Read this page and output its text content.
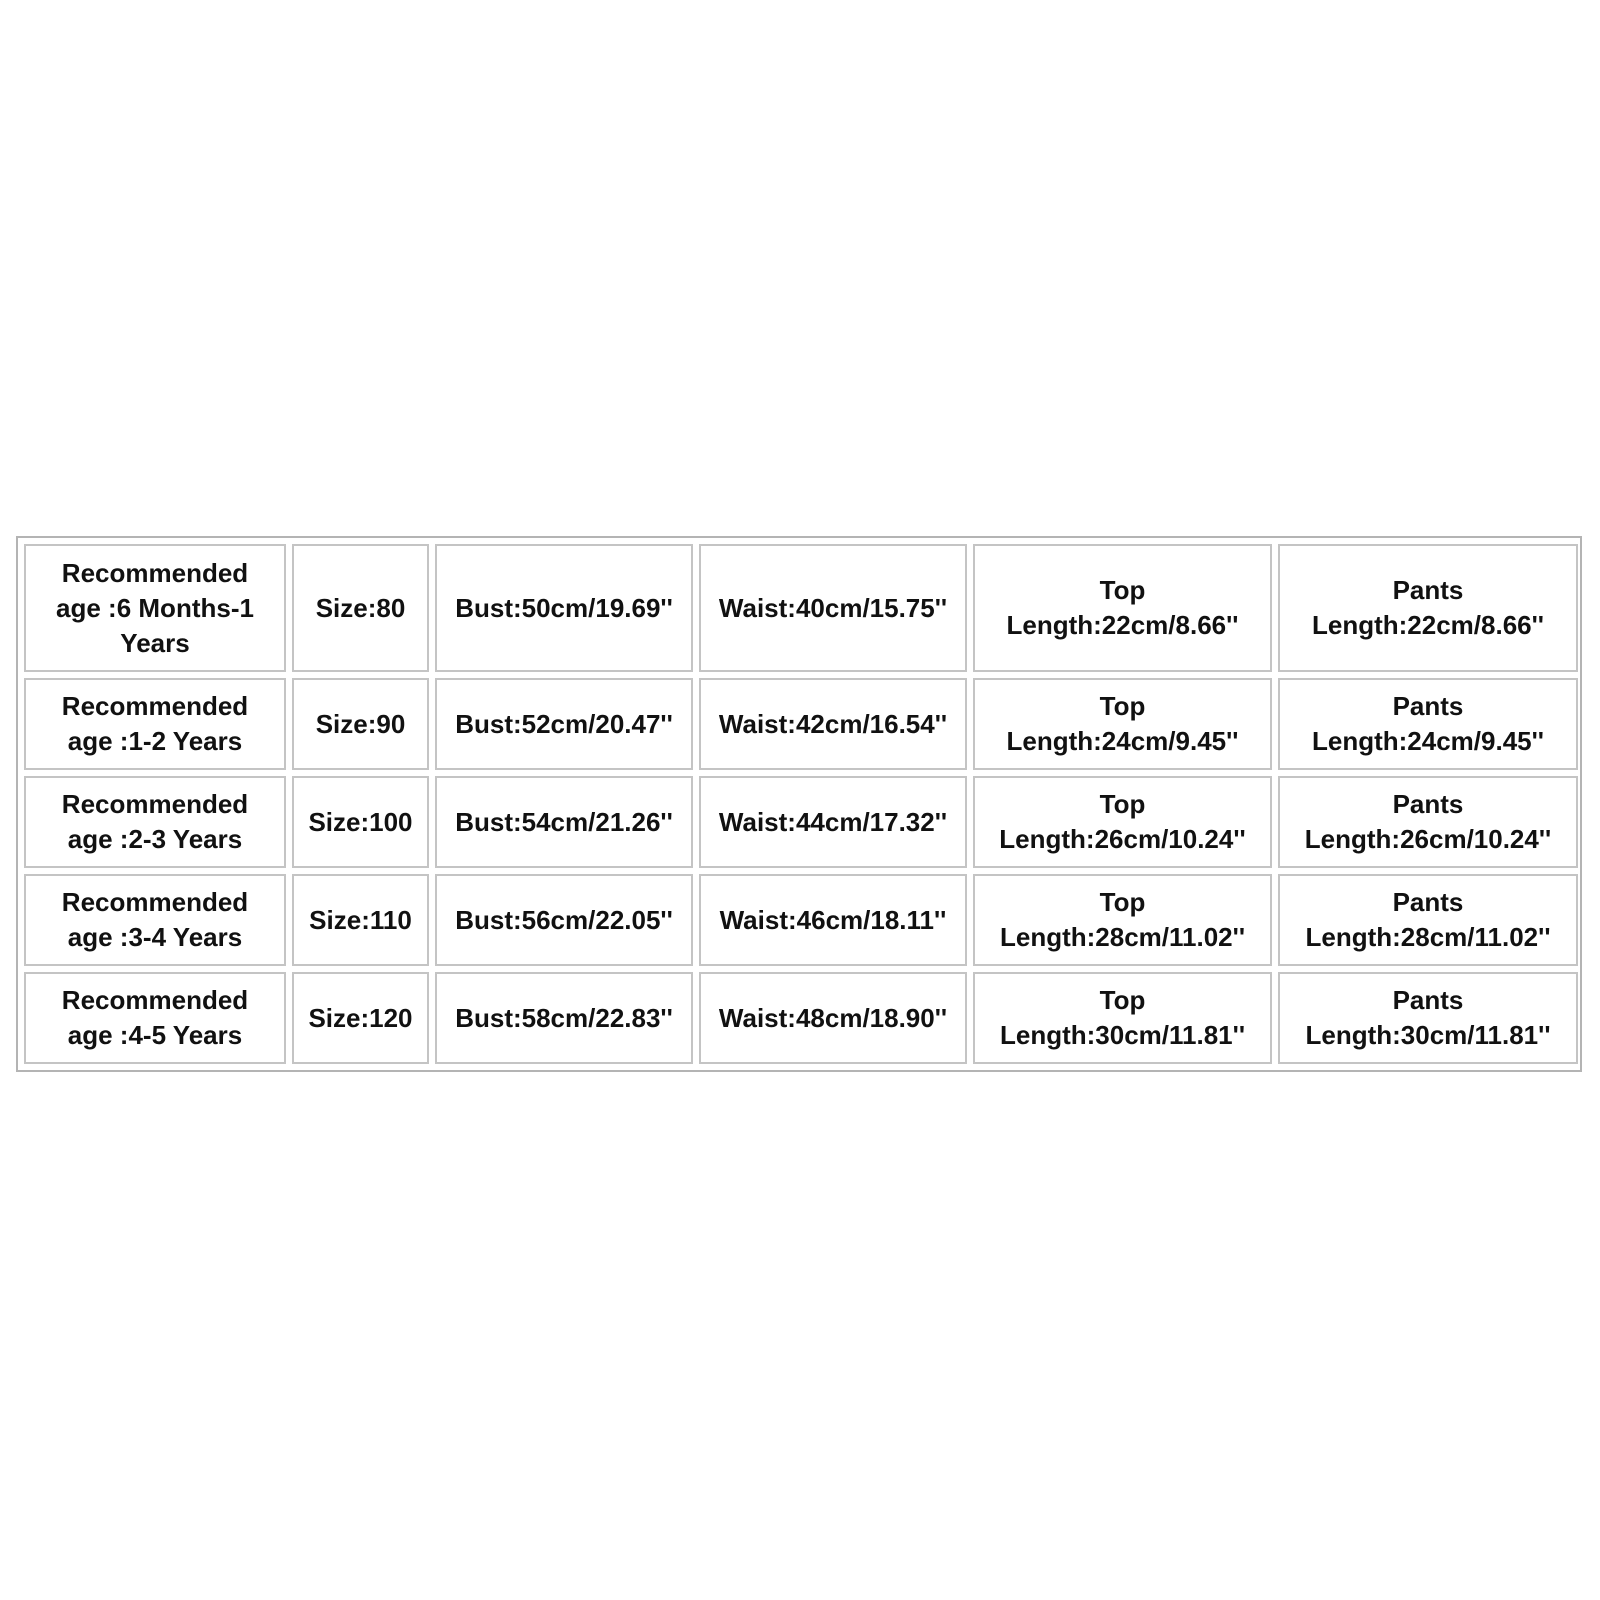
Recommended
age :6 Months-1
Years	Size:80	Bust:50cm/19.69''	Waist:40cm/15.75''	Top
Length:22cm/8.66''	Pants
Length:22cm/8.66''

Recommended
age :1-2 Years	Size:90	Bust:52cm/20.47''	Waist:42cm/16.54''	Top
Length:24cm/9.45''	Pants
Length:24cm/9.45''

Recommended
age :2-3 Years	Size:100	Bust:54cm/21.26''	Waist:44cm/17.32''	Top
Length:26cm/10.24''	Pants
Length:26cm/10.24''

Recommended
age :3-4 Years	Size:110	Bust:56cm/22.05''	Waist:46cm/18.11''	Top
Length:28cm/11.02''	Pants
Length:28cm/11.02''

Recommended
age :4-5 Years	Size:120	Bust:58cm/22.83''	Waist:48cm/18.90''	Top
Length:30cm/11.81''	Pants
Length:30cm/11.81''
